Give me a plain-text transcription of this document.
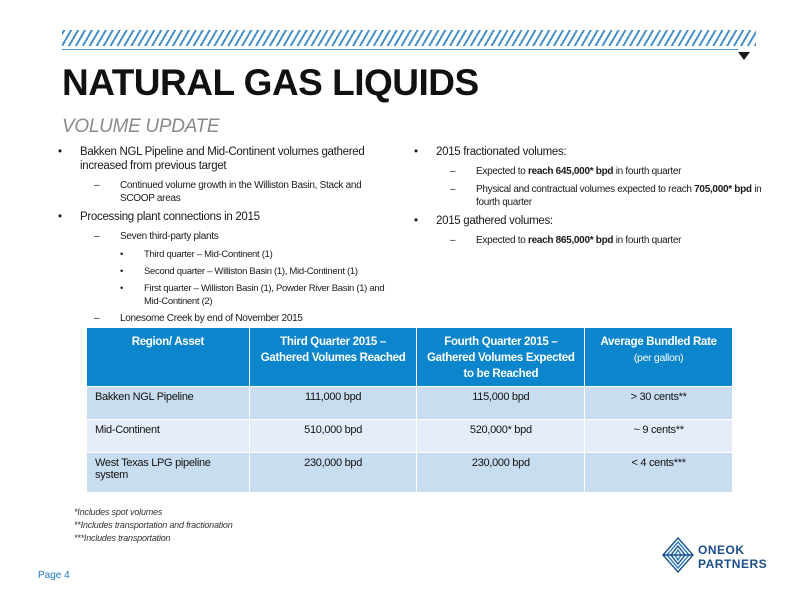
NATURAL GAS LIQUIDS
VOLUME UPDATE
• Bakken NGL Pipeline and Mid-Continent volumes gathered increased from previous target
– Continued volume growth in the Williston Basin, Stack and SCOOP areas
• Processing plant connections in 2015
– Seven third-party plants
• Third quarter – Mid-Continent (1)
• Second quarter – Williston Basin (1), Mid-Continent (1)
• First quarter – Williston Basin (1), Powder River Basin (1) and Mid-Continent (2)
– Lonesome Creek by end of November 2015
• 2015 fractionated volumes:
– Expected to reach 645,000* bpd in fourth quarter
– Physical and contractual volumes expected to reach 705,000* bpd in fourth quarter
• 2015 gathered volumes:
– Expected to reach 865,000* bpd in fourth quarter
Region/ Asset	Third Quarter 2015 – Gathered Volumes Reached	Fourth Quarter 2015 – Gathered Volumes Expected to be Reached	Average Bundled Rate
(per gallon)

Bakken NGL Pipeline	111,000 bpd	115,000 bpd	> 30 cents**
Mid-Continent	510,000 bpd	520,000* bpd	~ 9 cents**
West Texas LPG pipeline system	230,000 bpd	230,000 bpd	< 4 cents***
*Includes spot volumes
**Includes transportation and fractionation
***Includes transportation
Page 4
ONEOK
PARTNERS
